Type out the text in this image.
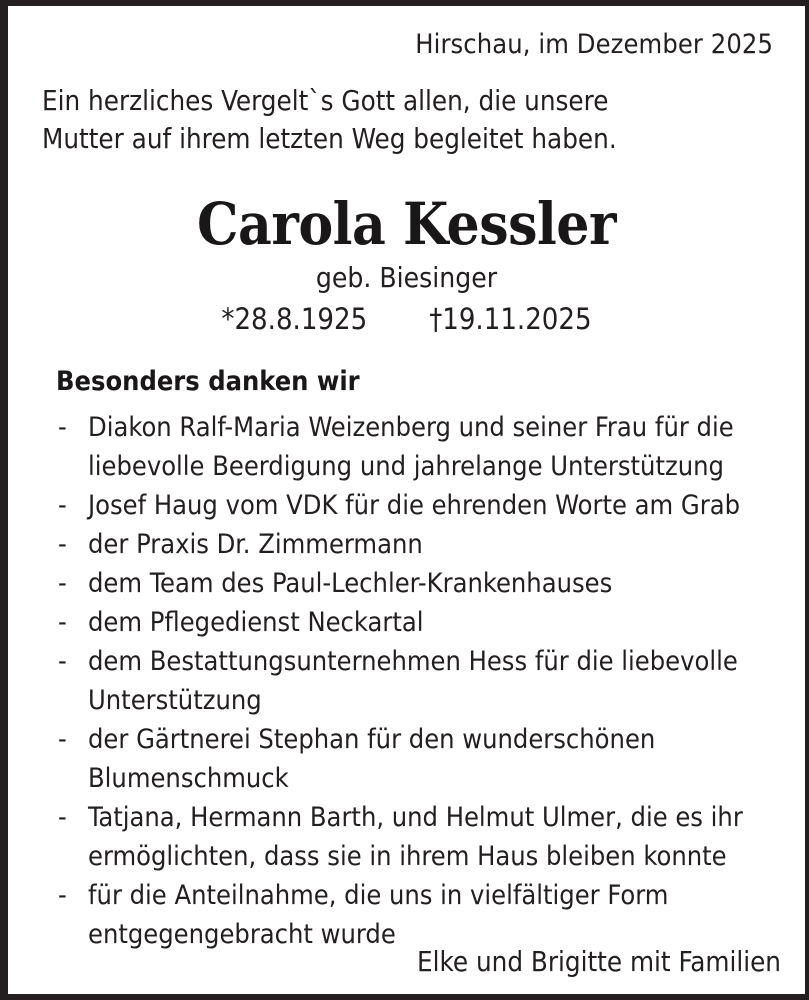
Hirschau, im Dezember 2025
Ein herzliches Vergelt`s Gott allen, die unsere
Mutter auf ihrem letzten Weg begleitet haben.
Carola Kessler
geb. Biesinger
*28.8.1925 †19.11.2025
Besonders danken wir
- Diakon Ralf-Maria Weizenberg und seiner Frau für die
liebevolle Beerdigung und jahrelange Unterstützung
- Josef Haug vom VDK für die ehrenden Worte am Grab
- der Praxis Dr. Zimmermann
- dem Team des Paul-Lechler-Krankenhauses
- dem Pflegedienst Neckartal
- dem Bestattungsunternehmen Hess für die liebevolle
Unterstützung
- der Gärtnerei Stephan für den wunderschönen
Blumenschmuck
- Tatjana, Hermann Barth, und Helmut Ulmer, die es ihr
ermöglichten, dass sie in ihrem Haus bleiben konnte
- für die Anteilnahme, die uns in vielfältiger Form
entgegengebracht wurde
Elke und Brigitte mit Familien
